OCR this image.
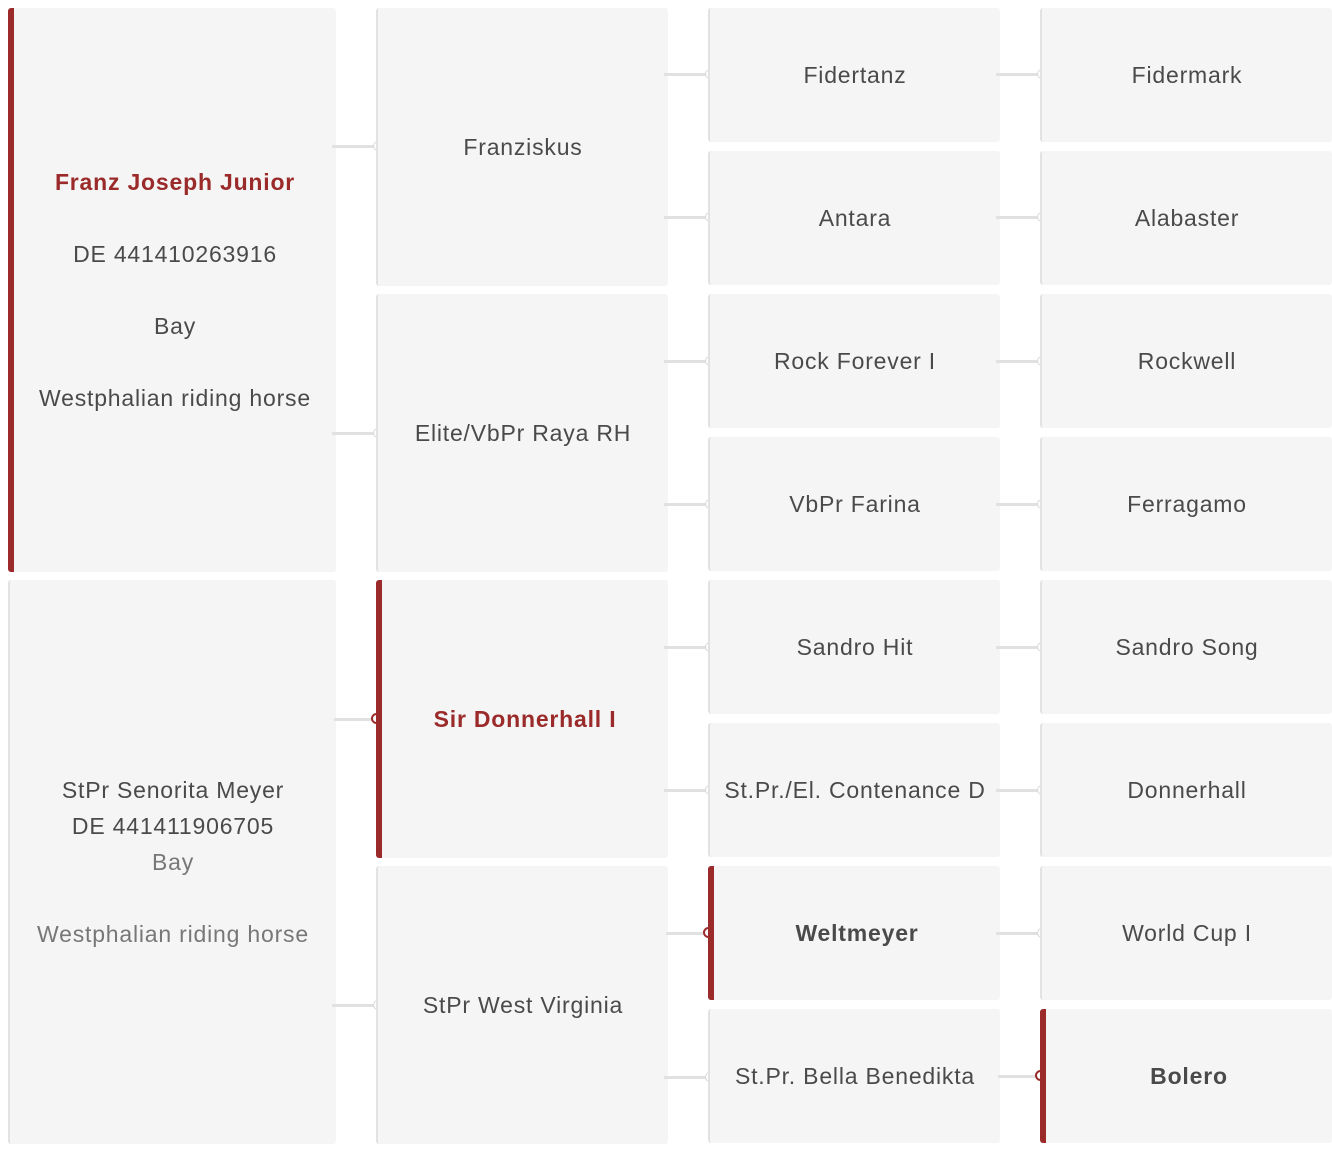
Franz Joseph Junior
DE 441410263916
Bay
Westphalian riding horse
StPr Senorita Meyer
DE 441411906705
Bay
Westphalian riding horse
Franziskus
Elite/VbPr Raya RH
Sir Donnerhall I
StPr West Virginia
Fidertanz
Antara
Rock Forever I
VbPr Farina
Sandro Hit
St.Pr./El. Contenance D
Weltmeyer
St.Pr. Bella Benedikta
Fidermark
Alabaster
Rockwell
Ferragamo
Sandro Song
Donnerhall
World Cup I
Bolero
